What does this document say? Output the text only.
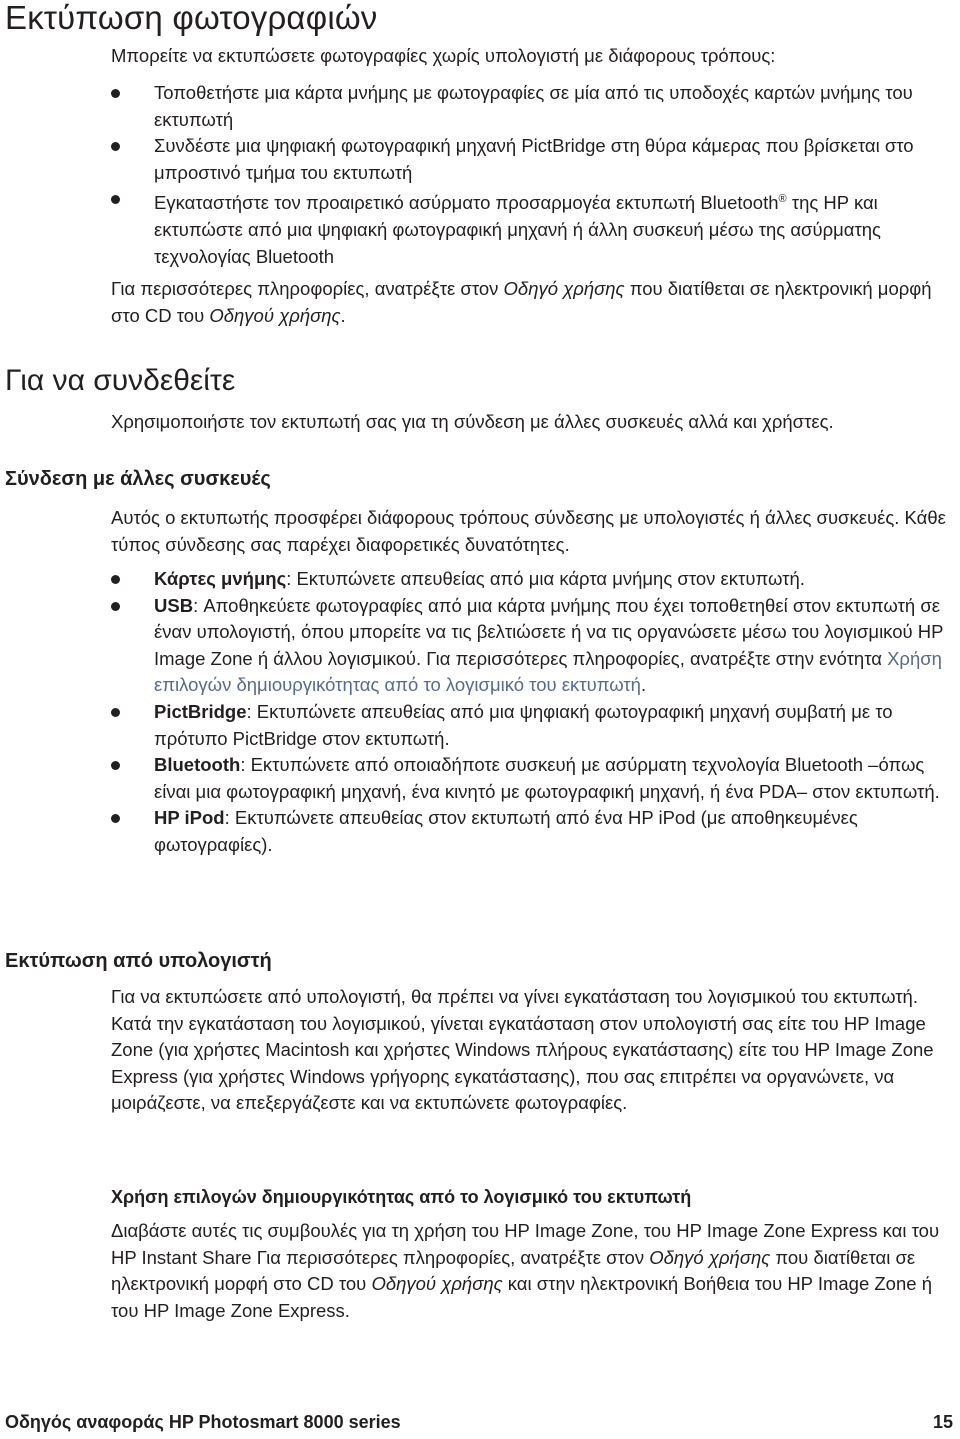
Εκτύπωση φωτογραφιών

Μπορείτε να εκτυπώσετε φωτογραφίες χωρίς υπολογιστή με διάφορους τρόπους:

Τοποθετήστε μια κάρτα μνήμης με φωτογραφίες σε μία από τις υποδοχές καρτών μνήμης του εκτυπωτή
Συνδέστε μια ψηφιακή φωτογραφική μηχανή PictBridge στη θύρα κάμερας που βρίσκεται στο μπροστινό τμήμα του εκτυπωτή
Εγκαταστήστε τον προαιρετικό ασύρματο προσαρμογέα εκτυπωτή Bluetooth® της HP και εκτυπώστε από μια ψηφιακή φωτογραφική μηχανή ή άλλη συσκευή μέσω της ασύρματης τεχνολογίας Bluetooth

Για περισσότερες πληροφορίες, ανατρέξτε στον Οδηγό χρήσης που διατίθεται σε ηλεκτρονική μορφή στο CD του Οδηγού χρήσης.

Για να συνδεθείτε

Χρησιμοποιήστε τον εκτυπωτή σας για τη σύνδεση με άλλες συσκευές αλλά και χρήστες.

Σύνδεση με άλλες συσκευές

Αυτός ο εκτυπωτής προσφέρει διάφορους τρόπους σύνδεσης με υπολογιστές ή άλλες συσκευές. Κάθε τύπος σύνδεσης σας παρέχει διαφορετικές δυνατότητες.

Κάρτες μνήμης: Εκτυπώνετε απευθείας από μια κάρτα μνήμης στον εκτυπωτή.
USB: Αποθηκεύετε φωτογραφίες από μια κάρτα μνήμης που έχει τοποθετηθεί στον εκτυπωτή σε έναν υπολογιστή, όπου μπορείτε να τις βελτιώσετε ή να τις οργανώσετε μέσω του λογισμικού HP Image Zone ή άλλου λογισμικού. Για περισσότερες πληροφορίες, ανατρέξτε στην ενότητα Χρήση επιλογών δημιουργικότητας από το λογισμικό του εκτυπωτή.
PictBridge: Εκτυπώνετε απευθείας από μια ψηφιακή φωτογραφική μηχανή συμβατή με το πρότυπο PictBridge στον εκτυπωτή.
Bluetooth: Εκτυπώνετε από οποιαδήποτε συσκευή με ασύρματη τεχνολογία Bluetooth –όπως είναι μια φωτογραφική μηχανή, ένα κινητό με φωτογραφική μηχανή, ή ένα PDA– στον εκτυπωτή.
HP iPod: Εκτυπώνετε απευθείας στον εκτυπωτή από ένα HP iPod (με αποθηκευμένες φωτογραφίες).
Εκτύπωση από υπολογιστή

Για να εκτυπώσετε από υπολογιστή, θα πρέπει να γίνει εγκατάσταση του λογισμικού του εκτυπωτή. Κατά την εγκατάσταση του λογισμικού, γίνεται εγκατάσταση στον υπολογιστή σας είτε του HP Image Zone (για χρήστες Macintosh και χρήστες Windows πλήρους εγκατάστασης) είτε του HP Image Zone Express (για χρήστες Windows γρήγορης εγκατάστασης), που σας επιτρέπει να οργανώνετε, να μοιράζεστε, να επεξεργάζεστε και να εκτυπώνετε φωτογραφίες.

Χρήση επιλογών δημιουργικότητας από το λογισμικό του εκτυπωτή

Διαβάστε αυτές τις συμβουλές για τη χρήση του HP Image Zone, του HP Image Zone Express και του HP Instant Share Για περισσότερες πληροφορίες, ανατρέξτε στον Οδηγό χρήσης που διατίθεται σε ηλεκτρονική μορφή στο CD του Οδηγού χρήσης και στην ηλεκτρονική Βοήθεια του HP Image Zone ή του HP Image Zone Express.

Οδηγός αναφοράς HP Photosmart 8000 series	15
